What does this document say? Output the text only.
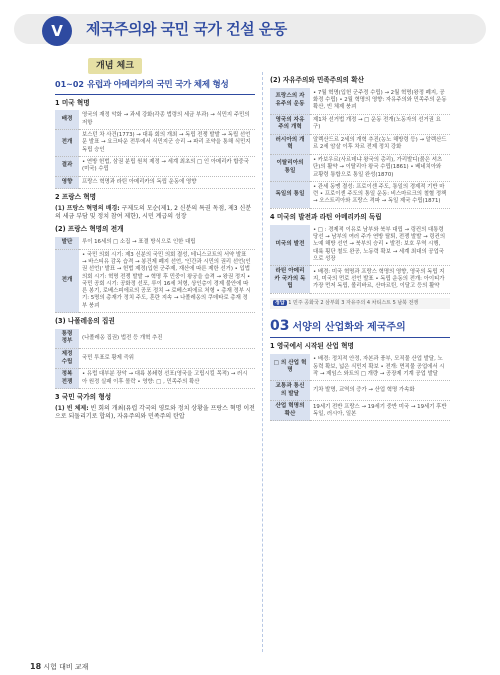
V	제국주의와 국민 국가 건설 운동
개념 체크
01~02 유럽과 아메리카의 국민 국가 체제 형성
1 미국 혁명
배경	영국의 재정 악화 → 과세 강화(각종 법령의 세금 부과) → 식민지 주민의 저항
전개	보스턴 차 사건(1773) → 대륙 회의 개최 → 독립 전쟁 발발 → 독립 선언문 발표 → 요크타운 전투에서 식민지군 승리 → 파리 조약을 통해 식민지 독립 승인
결과	• 연방 헌법, 삼권 분립 원칙 제정 → 세계 최초의 □ 인 아메리카 합중국(미국) 수립
영향	프랑스 혁명과 라틴 아메리카의 독립 운동에 영향
2 프랑스 혁명
(1) 프랑스 혁명의 배경: 구제도의 모순(제1, 2 신분의 특권 독점, 제3 신분의 세금 부담 및 정치 참여 제한), 시민 계급의 성장
(2) 프랑스 혁명의 전개
발단	루이 16세의 □ 소집 → 표결 방식으로 인한 대립
전개	• 국민 의회 시기: 제3 신분의 국민 의회 결성, 테니스코트의 서약 발표 → 바스티유 감옥 습격 → 봉건제 폐지 선언, '인간과 시민의 권리 선언(인권 선언)' 발표 → 헌법 제정(입헌 군주제, 재산에 따른 제한 선거) • 입법 의회 시기: 혁명 전쟁 발발 → 혁명 후 민중이 왕궁을 습격 → 왕권 정지 • 국민 공회 시기: 공화정 선포, 루이 16세 처형, 상인층이 경제 불안에 따른 봉기, 로베스피에르의 공포 정치 → 로베스피에르 처형 • 총재 정부 시기: 5명의 총재가 정치 주도, 혼란 지속 → 나폴레옹의 쿠데타로 총재 정부 붕괴
(3) 나폴레옹의 집권
통령 정부	(나폴레옹 집권) 법전 등 개혁 추진
제정 수립	국민 투표로 황제 즉위
정복 전쟁	• 유럽 대부분 장악 → 대륙 봉쇄령 선포(영국을 고립시킬 목적) → 러시아 원정 실패 이후 몰락 • 영향: □ , 민족주의 확산
3 국민 국가의 형성
(1) 빈 체제: 빈 회의 개최(유럽 각국의 영토와 정치 상황을 프랑스 혁명 이전으로 되돌리기로 합의), 자유주의와 민족주의 탄압
(2) 자유주의와 민족주의의 확산
프랑스의 자유주의 운동	• 7월 혁명(입헌 군주정 수립) → 2월 혁명(왕정 폐지, 공화정 수립) • 2월 혁명의 영향: 자유주의와 민족주의 운동 확산, 빈 체제 붕괴
영국의 자유주의 개혁	제1차 선거법 개정 → □ 운동 전개(노동자의 선거권 요구)
러시아의 개혁	알렉산드르 2세의 개혁 추진(농노 해방령 등) → 알렉산드르 2세 암살 이후 차르 전제 정치 강화
이탈리아의 통일	• 카보우르(사르데냐 왕국의 총리), 가리발디(붉은 셔츠단)의 활약 → 이탈리아 왕국 수립(1861) • 베네치아와 교황령 통합으로 통일 완성(1870)
독일의 통일	• 관세 동맹 결성: 프로이센 주도, 통일의 경제적 기반 마련 • 프로이센 주도의 통일 운동: 비스마르크의 철혈 정책 → 오스트리아와 프랑스 격파 → 독일 제국 수립(1871)
4 미국의 발전과 라틴 아메리카의 독립
미국의 발전	• □ : 경제적 이유로 남부와 북부 대립 → 링컨의 대통령 당선 → 남부의 여러 주가 연방 탈퇴, 전쟁 발발 → 링컨의 노예 해방 선언 → 북부의 승리 • 발전: 보호 무역 시행, 대륙 횡단 철도 완공, 노동력 확보 → 세계 최대의 공업국으로 성장
라틴 아메리카 국가의 독립	• 배경: 미국 혁명과 프랑스 혁명의 영향, 영국의 독립 지지, 미국의 먼로 선언 발표 • 독립 운동의 전개: 아이티가 가장 먼저 독립, 볼리바르, 산마르틴, 이달고 등의 활약
정답 1 민주 공화국 2 삼부회 3 자유주의 4 차티스트 5 남북 전쟁
03 서양의 산업화와 제국주의
1 영국에서 시작된 산업 혁명
□ 의 산업 혁명	• 배경: 정치적 안정, 자본과 풍부, 모직물 산업 발달, 노동력 확보, 넓은 식민지 확보 • 전개: 면직물 공업에서 시작 → 제임스 와트의 □ 개량 → 공장제 기계 공업 발달
교통과 통신의 발달	기차 발명, 교역의 증가 → 산업 혁명 가속화
산업 혁명의 확산	19세기 전반 프랑스 → 19세기 중반 미국 → 19세기 후반 독일, 러시아, 일본
18 시험 대비 교재
